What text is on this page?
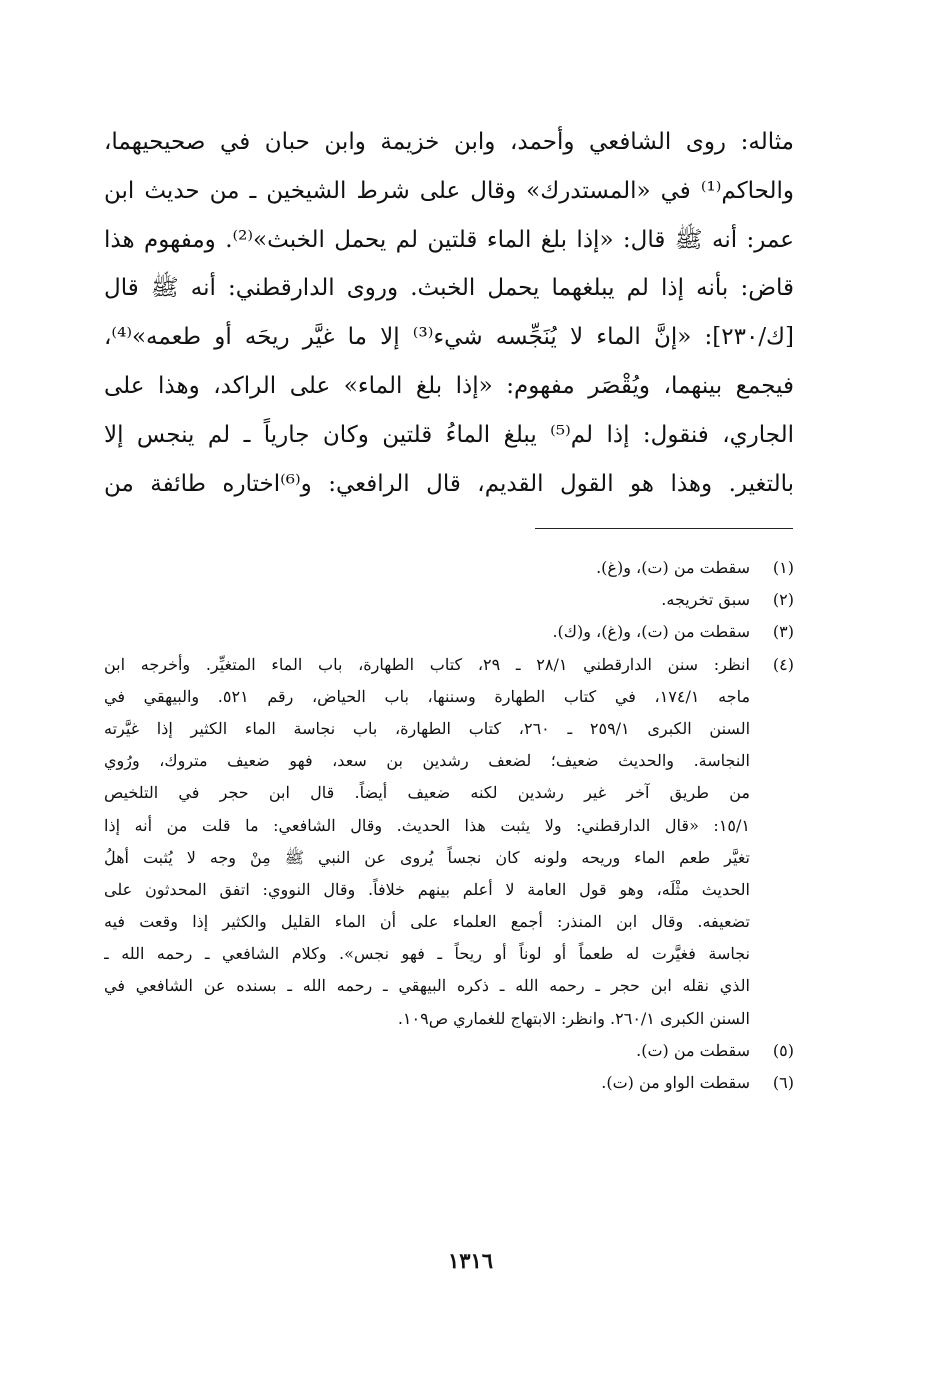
مثاله: روى الشافعي وأحمد، وابن خزيمة وابن حبان في صحيحيهما،
والحاكم⁽¹⁾ في «المستدرك» وقال على شرط الشيخين ـ من حديث ابن
عمر: أنه ﷺ قال: «إذا بلغ الماء قلتين لم يحمل الخبث»⁽²⁾. ومفهوم هذا
قاض: بأنه إذا لم يبلغهما يحمل الخبث. وروى الدارقطني: أنه ﷺ قال
[ك/٢٣٠]: «إنَّ الماء لا يُنَجِّسه شيء⁽³⁾ إلا ما غيَّر ريحَه أو طعمه»⁽⁴⁾،
فيجمع بينهما، ويُقْصَر مفهوم: «إذا بلغ الماء» على الراكد، وهذا على
الجاري، فنقول: إذا لم⁽⁵⁾ يبلغ الماءُ قلتين وكان جارياً ـ لم ينجس إلا
بالتغير. وهذا هو القول القديم، قال الرافعي: و⁽⁶⁾اختاره طائفة من
(١)
سقطت من (ت)، و(غ).
(٢)
سبق تخريجه.
(٣)
سقطت من (ت)، و(غ)، و(ك).
(٤)
انظر: سنن الدارقطني ٢٨/١ ـ ٢٩، كتاب الطهارة، باب الماء المتغيِّر. وأخرجه ابن
ماجه ١٧٤/١، في كتاب الطهارة وسننها، باب الحياض، رقم ٥٢١. والبيهقي في
السنن الكبرى ٢٥٩/١ ـ ٢٦٠، كتاب الطهارة، باب نجاسة الماء الكثير إذا غيَّرته
النجاسة. والحديث ضعيف؛ لضعف رشدين بن سعد، فهو ضعيف متروك، ورُوي
من طريق آخر غير رشدين لكنه ضعيف أيضاً. قال ابن حجر في التلخيص
١٥/١: «قال الدارقطني: ولا يثبت هذا الحديث. وقال الشافعي: ما قلت من أنه إذا
تغيَّر طعم الماء وريحه ولونه كان نجساً يُروى عن النبي ﷺ مِنْ وجه لا يُثبت أهلُ
الحديث مثْلَه، وهو قول العامة لا أعلم بينهم خلافاً. وقال النووي: اتفق المحدثون على
تضعيفه. وقال ابن المنذر: أجمع العلماء على أن الماء القليل والكثير إذا وقعت فيه
نجاسة فغيَّرت له طعماً أو لوناً أو ريحاً ـ فهو نجس». وكلام الشافعي ـ رحمه الله ـ
الذي نقله ابن حجر ـ رحمه الله ـ ذكره البيهقي ـ رحمه الله ـ بسنده عن الشافعي في
السنن الكبرى ٢٦٠/١. وانظر: الابتهاج للغماري ص١٠٩.
(٥)
سقطت من (ت).
(٦)
سقطت الواو من (ت).
١٣١٦
